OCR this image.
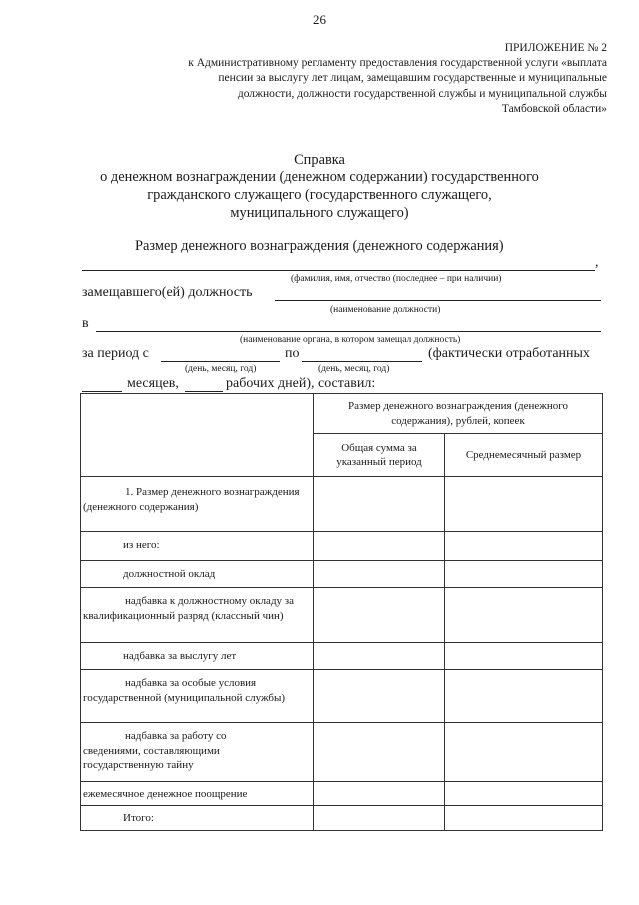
26
ПРИЛОЖЕНИЕ № 2
к Административному регламенту предоставления государственной услуги «выплата пенсии за выслугу лет лицам, замещавшим государственные и муниципальные должности, должности государственной службы и муниципальной службы Тамбовской области»
Справка
о денежном вознаграждении (денежном содержании) государственного
гражданского служащего (государственного служащего,
муниципального служащего)
Размер денежного вознаграждения (денежного содержания)
,
(фамилия, имя, отчество (последнее – при наличии)
замещавшего(ей) должность
(наименование должности)
в
(наименование органа, в котором замещал должность)
за период с	по	(фактически отработанных
(день, месяц, год)	(день, месяц, год)
месяцев,	рабочих дней), составил:
	Размер денежного вознаграждения (денежного содержания), рублей, копеек	
	Общая сумма за указанный период	Среднемесячный размер

1. Размер денежного вознаграждения (денежного содержания)		

из него:		
должностной оклад		

надбавка к должностному окладу за квалификационный разряд (классный чин)		

надбавка за выслугу лет		

надбавка за особые условия государственной (муниципальной службы)		

надбавка за работу со сведениями, составляющими государственную тайну		

ежемесячное денежное поощрение		
Итого:		
